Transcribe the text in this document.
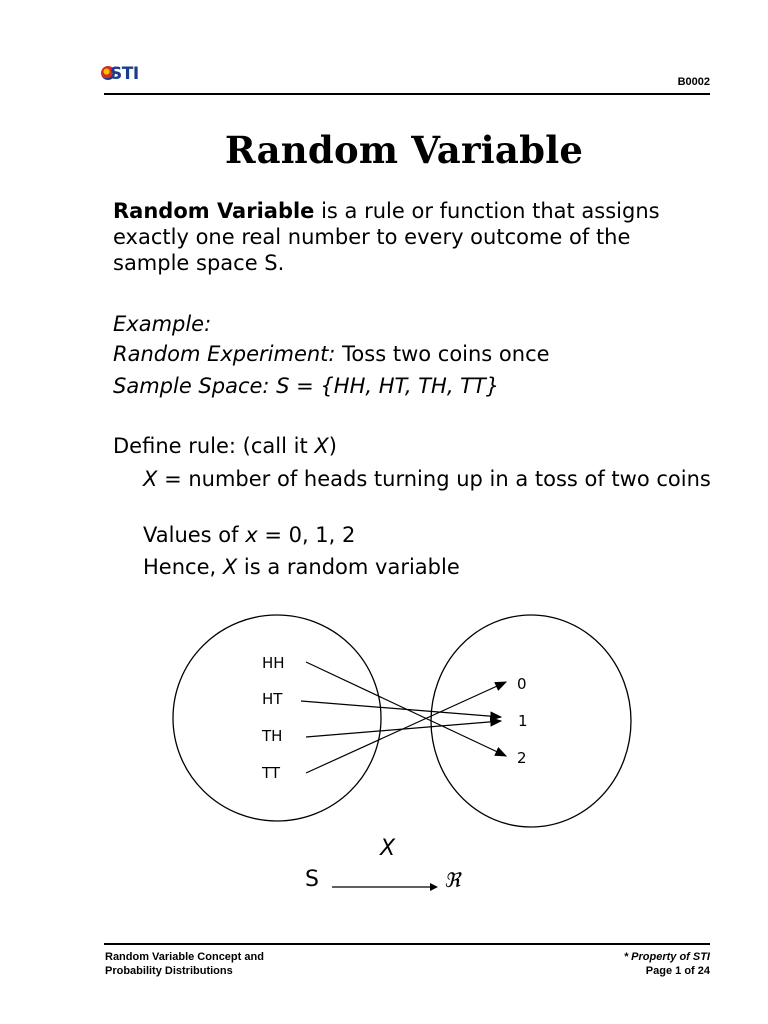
STI	B0002
Random Variable
Random Variable is a rule or function that assigns exactly one real number to every outcome of the sample space S.
Example:
Random Experiment: Toss two coins once
Sample Space: S = {HH, HT, TH, TT}
Define rule: (call it X)
X = number of heads turning up in a toss of two coins
Values of x = 0, 1, 2
Hence, X is a random variable
HH
HT
TH
TT
0
1
2
X
S	ℜ
Random Variable Concept and
Probability Distributions
* Property of STI
Page 1 of 24
